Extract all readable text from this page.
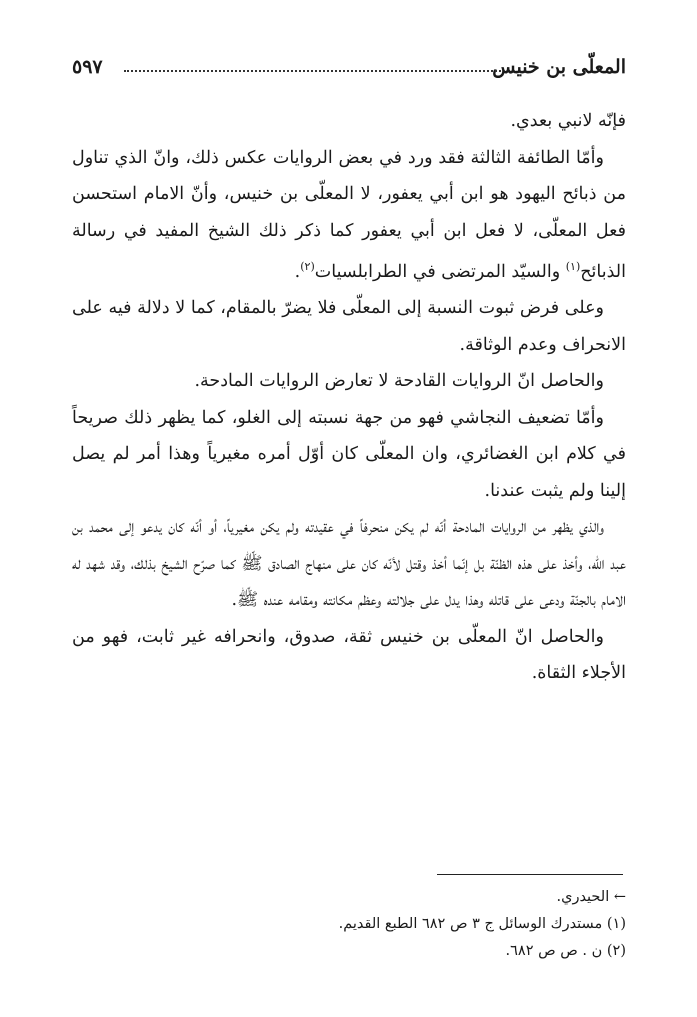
المعلّى بن خنيس
٥٩٧

فإنّه لانبي بعدي.

وأمّا الطائفة الثالثة فقد ورد في بعض الروايات عكس ذلك، وانّ الذي تناول من ذبائح اليهود هو ابن أبي يعفور، لا المعلّى بن خنيس، وأنّ الامام استحسن فعل المعلّى، لا فعل ابن أبي يعفور كما ذكر ذلك الشيخ المفيد في رسالة الذبائح$^{(١)}$ والسيّد المرتضى في الطرابلسيات$^{(٢)}$.

وعلى فرض ثبوت النسبة إلى المعلّى فلا يضرّ بالمقام، كما لا دلالة فيه على الانحراف وعدم الوثاقة.

والحاصل انّ الروايات القادحة لا تعارض الروايات المادحة.

وأمّا تضعيف النجاشي فهو من جهة نسبته إلى الغلو، كما يظهر ذلك صريحاً في كلام ابن الغضائري، وان المعلّى كان أوّل أمره مغيرياً وهذا أمر لم يصل إلينا ولم يثبت عندنا.

والذي يظهر من الروايات المادحة أنّه لم يكن منحرفاً في عقيدته ولم يكن مغيرياً، أو أنّه كان يدعو إلى محمد بن عبد الله، وأخذ على هذه الظنّة بل إنّما أخذ وقتل لأنّه كان على منهاج الصادق ﷺ كما صرّح الشيخ بذلك، وقد شهد له الامام بالجنّة ودعى على قاتله وهذا يدل على جلالته وعظم مكانته ومقامه عنده ﷺ.

والحاصل انّ المعلّى بن خنيس ثقة، صدوق، وانحرافه غير ثابت، فهو من الأجلاء الثقاة.

← الحيدري.
(١) مستدرك الوسائل ج ٣ ص ٦٨٢ الطبع القديم.
(٢) ن . ص ص ٦٨٢.
